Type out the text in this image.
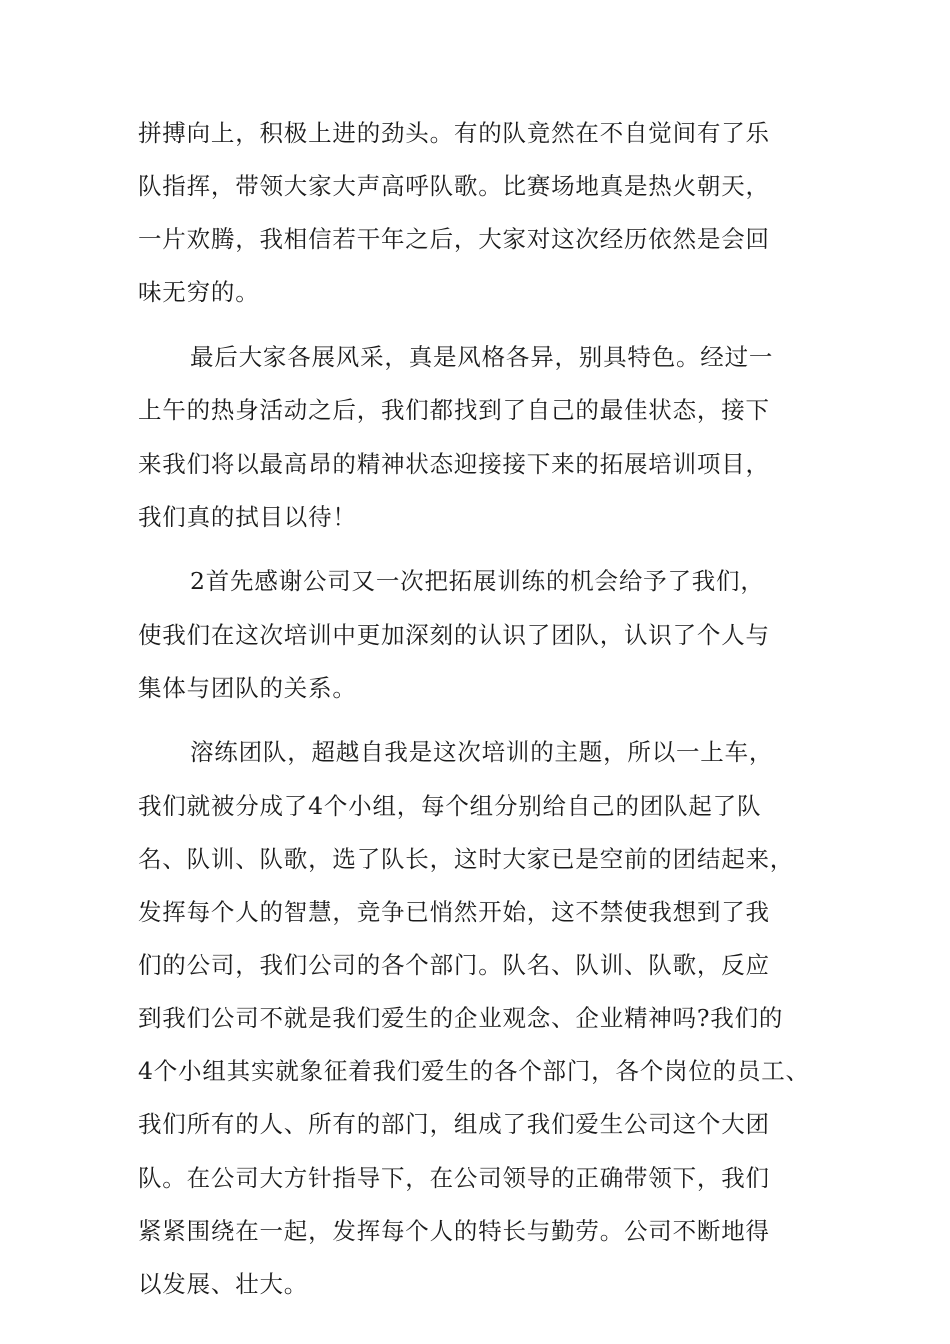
拼搏向上，积极上进的劲头。有的队竟然在不自觉间有了乐
队指挥，带领大家大声高呼队歌。比赛场地真是热火朝天，
一片欢腾，我相信若干年之后，大家对这次经历依然是会回
味无穷的。
最后大家各展风采，真是风格各异，别具特色。经过一
上午的热身活动之后，我们都找到了自己的最佳状态，接下
来我们将以最高昂的精神状态迎接接下来的拓展培训项目，
我们真的拭目以待！
2首先感谢公司又一次把拓展训练的机会给予了我们，
使我们在这次培训中更加深刻的认识了团队，认识了个人与
集体与团队的关系。
溶练团队，超越自我是这次培训的主题，所以一上车，
我们就被分成了4个小组，每个组分别给自己的团队起了队
名、队训、队歌，选了队长，这时大家已是空前的团结起来，
发挥每个人的智慧，竞争已悄然开始，这不禁使我想到了我
们的公司，我们公司的各个部门。队名、队训、队歌，反应
到我们公司不就是我们爱生的企业观念、企业精神吗?我们的
4个小组其实就象征着我们爱生的各个部门，各个岗位的员工、
我们所有的人、所有的部门，组成了我们爱生公司这个大团
队。在公司大方针指导下，在公司领导的正确带领下，我们
紧紧围绕在一起，发挥每个人的特长与勤劳。公司不断地得
以发展、壮大。
